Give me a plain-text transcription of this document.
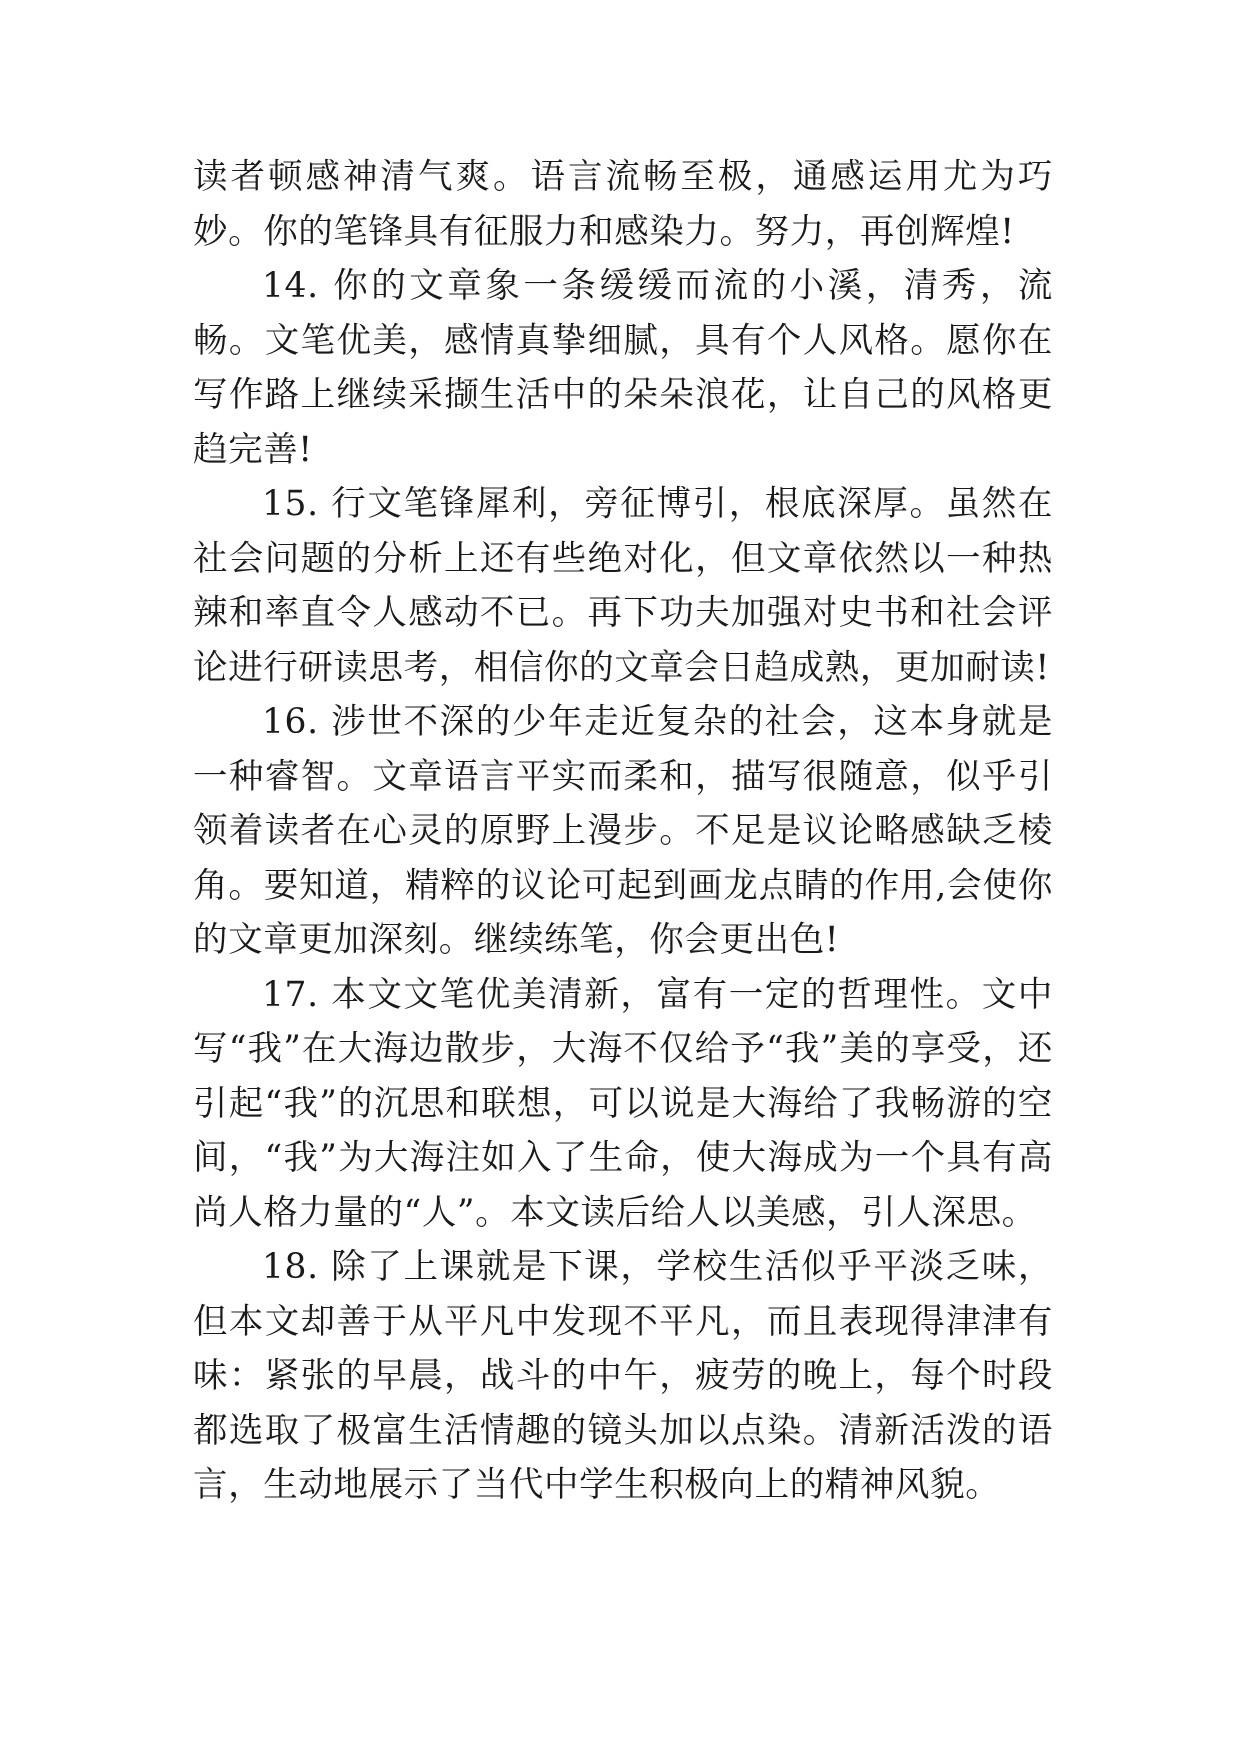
读者顿感神清气爽。语言流畅至极，通感运用尤为巧妙。你的笔锋具有征服力和感染力。努力，再创辉煌!

14. 你的文章象一条缓缓而流的小溪，清秀，流畅。文笔优美，感情真挚细腻，具有个人风格。愿你在写作路上继续采撷生活中的朵朵浪花，让自己的风格更趋完善!

15. 行文笔锋犀利，旁征博引，根底深厚。虽然在社会问题的分析上还有些绝对化，但文章依然以一种热辣和率直令人感动不已。再下功夫加强对史书和社会评论进行研读思考，相信你的文章会日趋成熟，更加耐读!

16. 涉世不深的少年走近复杂的社会，这本身就是一种睿智。文章语言平实而柔和，描写很随意，似乎引领着读者在心灵的原野上漫步。不足是议论略感缺乏棱角。要知道，精粹的议论可起到画龙点睛的作用,会使你的文章更加深刻。继续练笔，你会更出色!

17. 本文文笔优美清新，富有一定的哲理性。文中写“我”在大海边散步，大海不仅给予“我”美的享受，还引起“我”的沉思和联想，可以说是大海给了我畅游的空间，“我”为大海注如入了生命，使大海成为一个具有高尚人格力量的“人”。本文读后给人以美感，引人深思。

18. 除了上课就是下课，学校生活似乎平淡乏味，但本文却善于从平凡中发现不平凡，而且表现得津津有味：紧张的早晨，战斗的中午，疲劳的晚上，每个时段都选取了极富生活情趣的镜头加以点染。清新活泼的语言，生动地展示了当代中学生积极向上的精神风貌。
